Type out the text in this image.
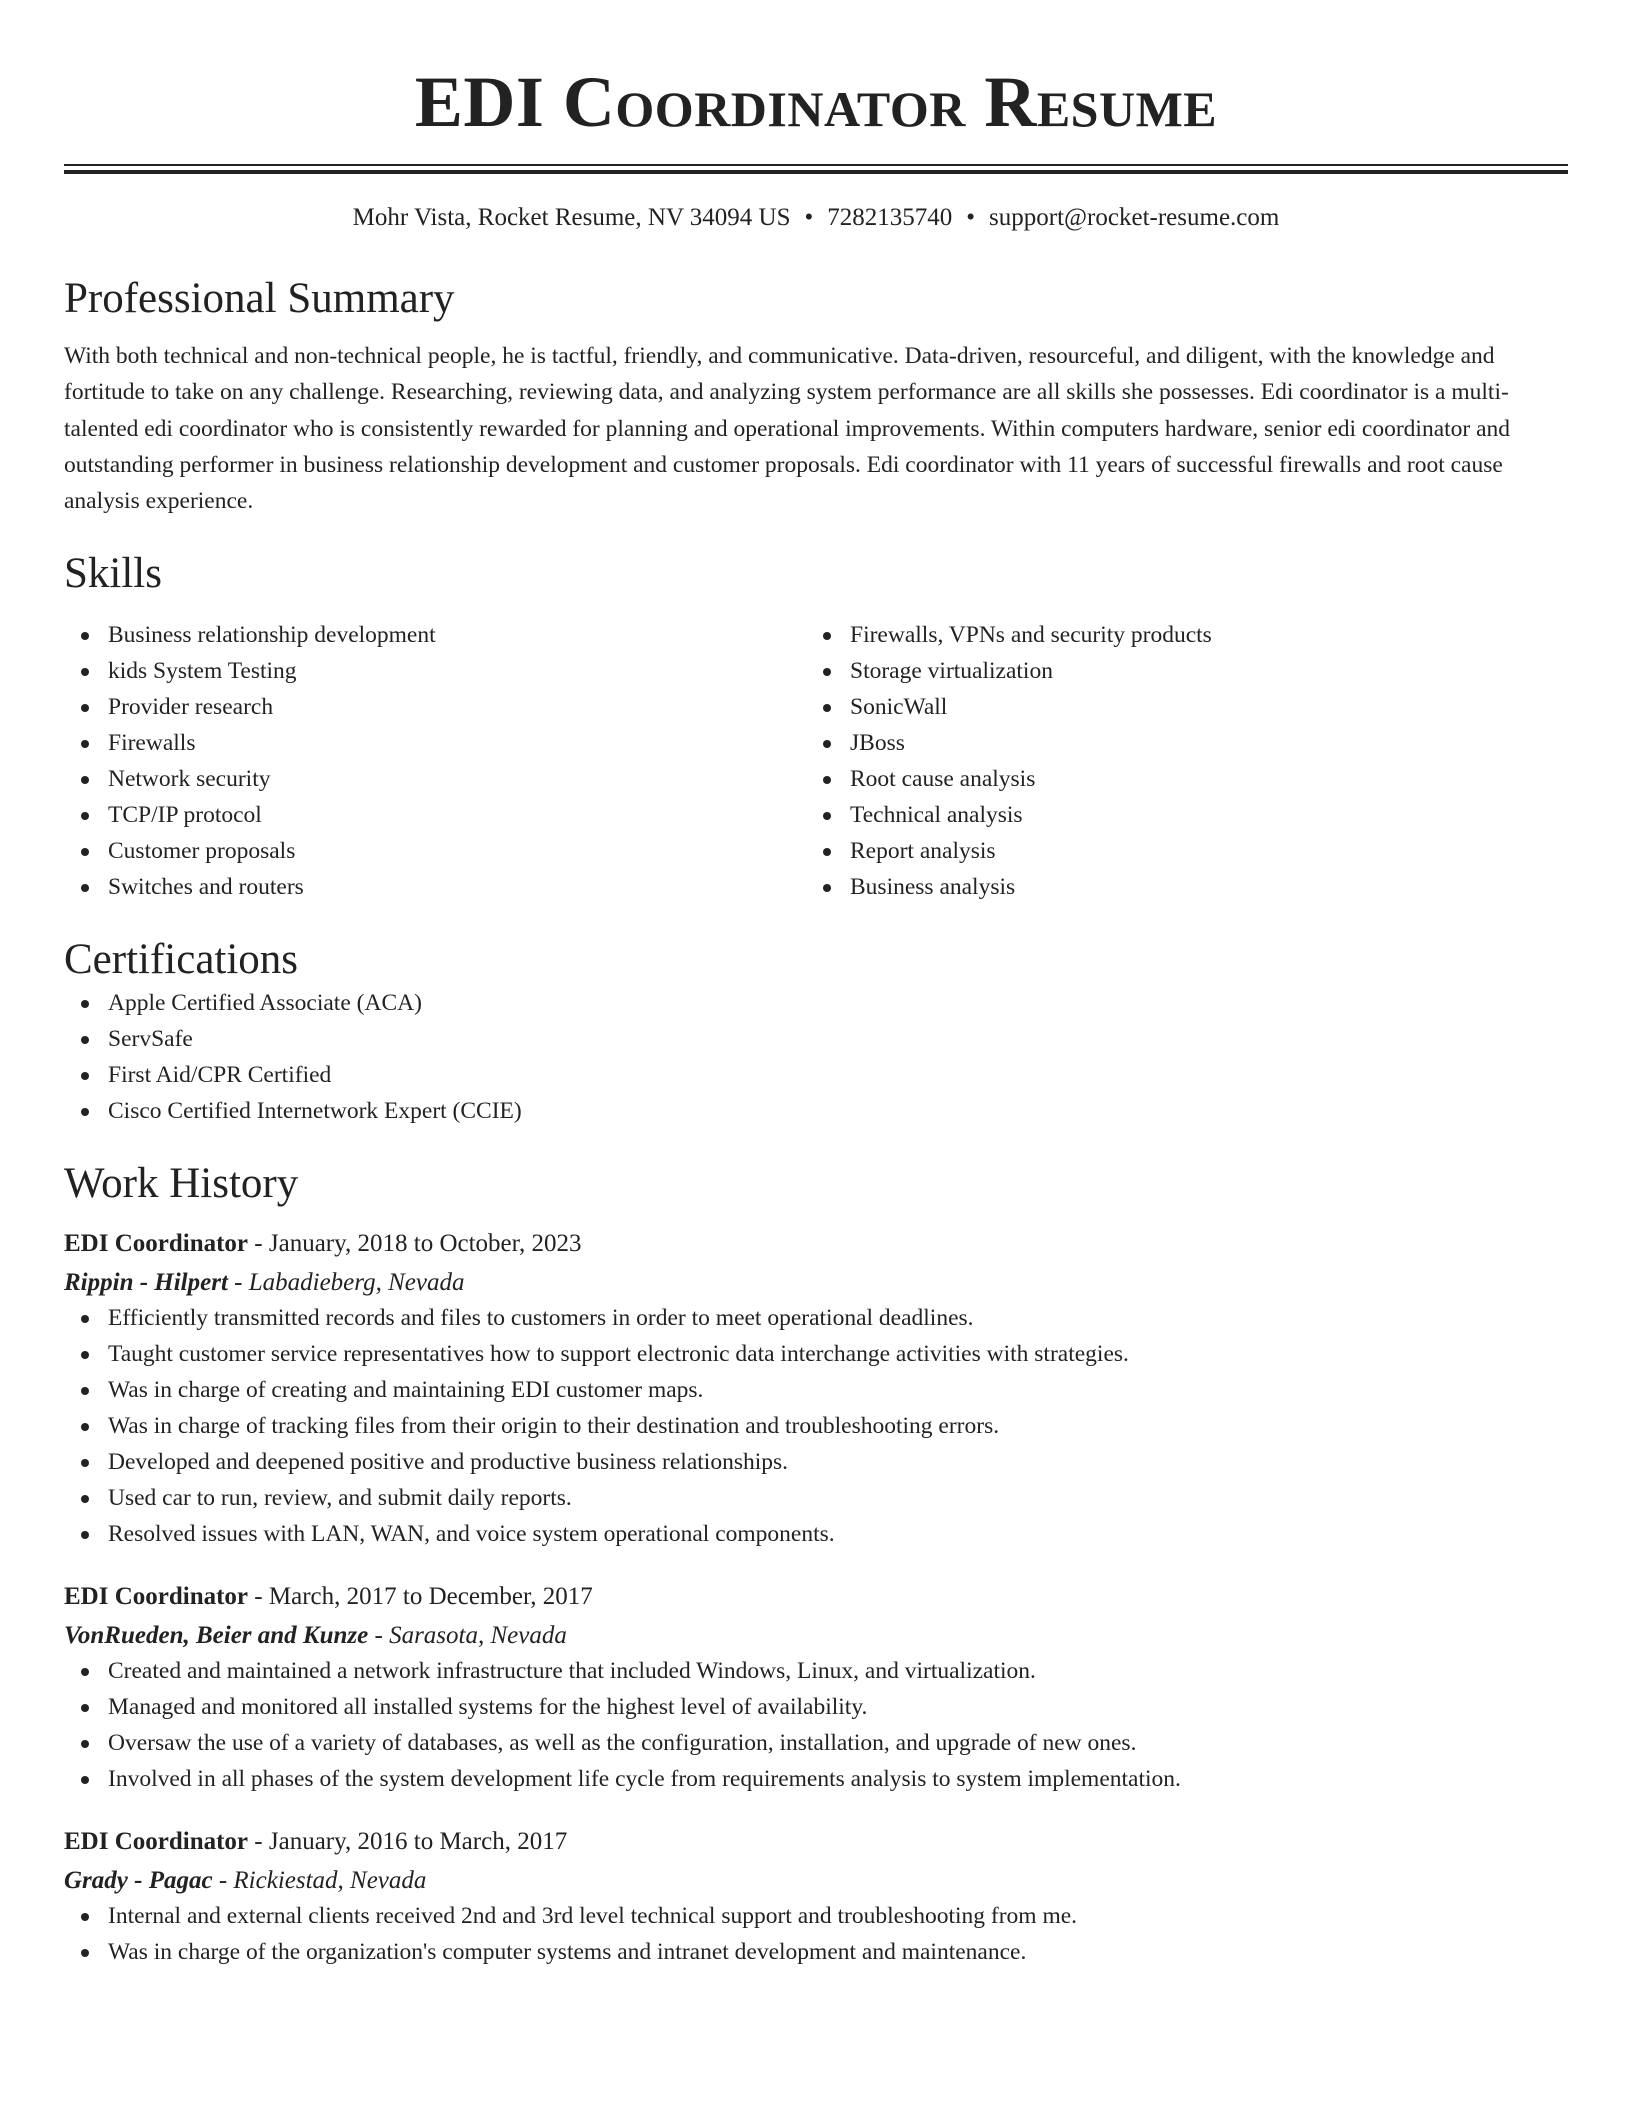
EDI Coordinator Resume
Mohr Vista, Rocket Resume, NV 34094 US • 7282135740 • support@rocket-resume.com
Professional Summary
With both technical and non-technical people, he is tactful, friendly, and communicative. Data-driven, resourceful, and diligent, with the knowledge and fortitude to take on any challenge. Researching, reviewing data, and analyzing system performance are all skills she possesses. Edi coordinator is a multi-talented edi coordinator who is consistently rewarded for planning and operational improvements. Within computers hardware, senior edi coordinator and outstanding performer in business relationship development and customer proposals. Edi coordinator with 11 years of successful firewalls and root cause analysis experience.
Skills
Business relationship development
kids System Testing
Provider research
Firewalls
Network security
TCP/IP protocol
Customer proposals
Switches and routers
Firewalls, VPNs and security products
Storage virtualization
SonicWall
JBoss
Root cause analysis
Technical analysis
Report analysis
Business analysis
Certifications
Apple Certified Associate (ACA)
ServSafe
First Aid/CPR Certified
Cisco Certified Internetwork Expert (CCIE)
Work History
EDI Coordinator - January, 2018 to October, 2023
Rippin - Hilpert - Labadieberg, Nevada
Efficiently transmitted records and files to customers in order to meet operational deadlines.
Taught customer service representatives how to support electronic data interchange activities with strategies.
Was in charge of creating and maintaining EDI customer maps.
Was in charge of tracking files from their origin to their destination and troubleshooting errors.
Developed and deepened positive and productive business relationships.
Used car to run, review, and submit daily reports.
Resolved issues with LAN, WAN, and voice system operational components.
EDI Coordinator - March, 2017 to December, 2017
VonRueden, Beier and Kunze - Sarasota, Nevada
Created and maintained a network infrastructure that included Windows, Linux, and virtualization.
Managed and monitored all installed systems for the highest level of availability.
Oversaw the use of a variety of databases, as well as the configuration, installation, and upgrade of new ones.
Involved in all phases of the system development life cycle from requirements analysis to system implementation.
EDI Coordinator - January, 2016 to March, 2017
Grady - Pagac - Rickiestad, Nevada
Internal and external clients received 2nd and 3rd level technical support and troubleshooting from me.
Was in charge of the organization's computer systems and intranet development and maintenance.
